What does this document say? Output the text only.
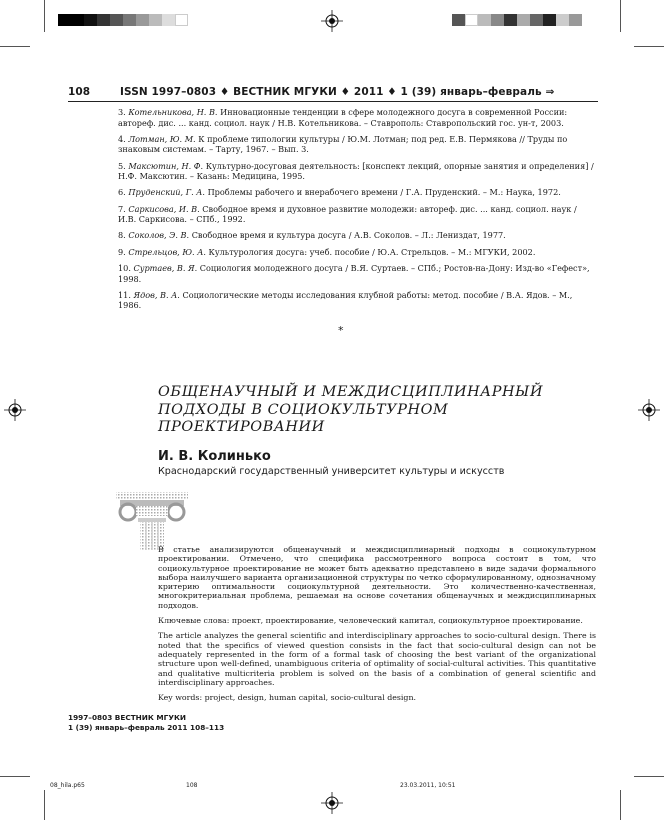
108	ISSN 1997–0803 ♦ ВЕСТНИК МГУКИ ♦ 2011 ♦ 1 (39) январь–февраль ⇒

3. Котельникова, Н. В. Инновационные тенденции в сфере молодежного досуга в современной России: автореф. дис. ... канд. социол. наук / Н.В. Котельникова. – Ставрополь: Ставропольский гос. ун-т, 2003.

4. Лотман, Ю. М. К проблеме типологии культуры / Ю.М. Лотман; под ред. Е.В. Пермякова // Труды по знаковым системам. – Тарту, 1967. – Вып. 3.

5. Максютин, Н. Ф. Культурно-досуговая деятельность: [конспект лекций, опорные занятия и определения] / Н.Ф. Максютин. – Казань: Медицина, 1995.

6. Пруденский, Г. А. Проблемы рабочего и внерабочего времени / Г.А. Пруденский. – М.: Наука, 1972.

7. Саркисова, И. В. Свободное время и духовное развитие молодежи: автореф. дис. ... канд. социол. наук / И.В. Саркисова. – СПб., 1992.

8. Соколов, Э. В. Свободное время и культура досуга / А.В. Соколов. – Л.: Лениздат, 1977.

9. Стрельцов, Ю. А. Культурология досуга: учеб. пособие / Ю.А. Стрельцов. – М.: МГУКИ, 2002.

10. Суртаев, В. Я. Социология молодежного досуга / В.Я. Суртаев. – СПб.; Ростов-на-Дону: Изд-во «Гефест», 1998.

11. Ядов, В. А. Социологические методы исследования клубной работы: метод. пособие / В.А. Ядов. – М., 1986.

*
ОБЩЕНАУЧНЫЙ И МЕЖДИСЦИПЛИНАРНЫЙ ПОДХОДЫ В СОЦИОКУЛЬТУРНОМ ПРОЕКТИРОВАНИИ
И. В. Колинько
Краснодарский государственный университет культуры и искусств

В статье анализируются общенаучный и междисциплинарный подходы в социокультурном проектировании. Отмечено, что специфика рассмотренного вопроса состоит в том, что социокультурное проектирование не может быть адекватно представлено в виде задачи формального выбора наилучшего варианта организационной структуры по четко сформулированному, однозначному критерию оптимальности социокультурной деятельности. Это количественно-качественная, многокритериальная проблема, решаемая на основе сочетания общенаучных и междисциплинарных подходов.

Ключевые слова: проект, проектирование, человеческий капитал, социокультурное проектирование.

The article analyzes the general scientific and interdisciplinary approaches to socio-cultural design. There is noted that the specifics of viewed question consists in the fact that socio-cultural design can not be adequately represented in the form of a formal task of choosing the best variant of the organizational structure upon well-defined, unambiguous criteria of optimality of social-cultural activities. This quantitative and qualitative multicriteria problem is solved on the basis of a combination of general scientific and interdisciplinary approaches.

Key words: project, design, human capital, socio-cultural design.

1997–0803 ВЕСТНИК МГУКИ
1 (39) январь–февраль 2011 108–113
08_hila.p65	108	23.03.2011, 10:51
